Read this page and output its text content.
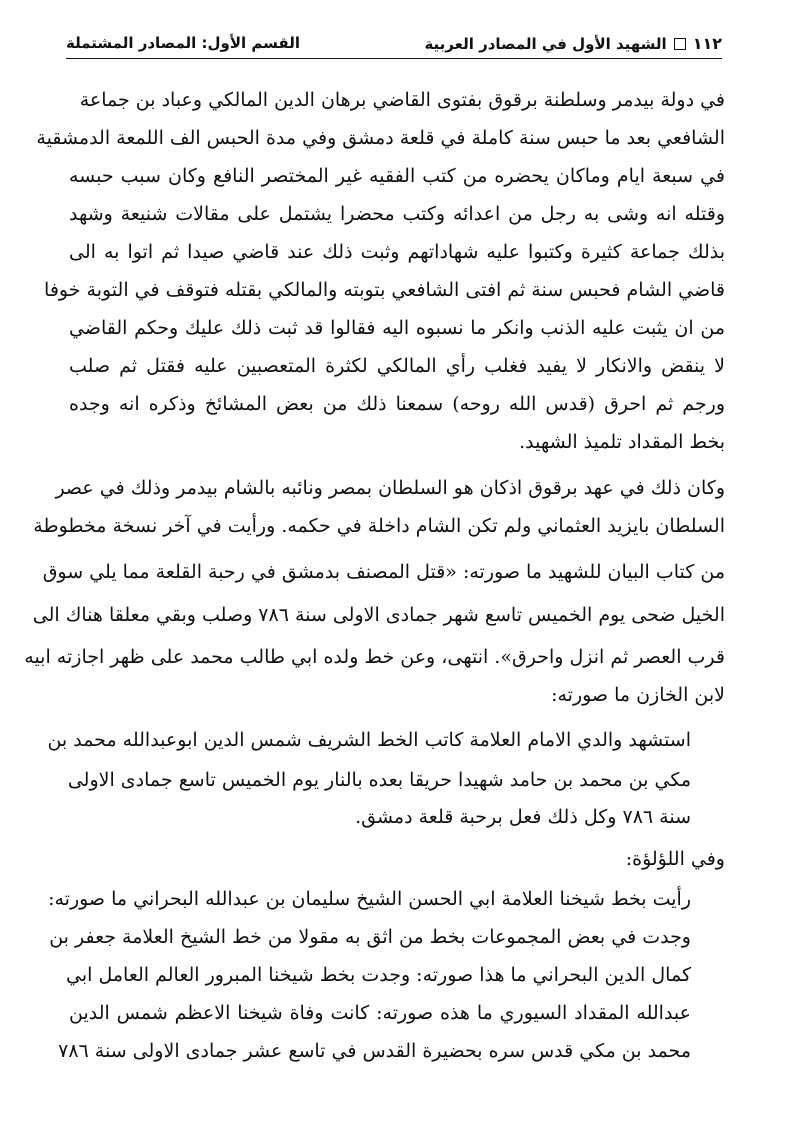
١١٢
الشهيد الأول في المصادر العربية
القسم الأول: المصادر المشتملة
في دولة بيدمر وسلطنة برقوق بفتوى القاضي برهان الدين المالكي وعباد بن جماعة
الشافعي بعد ما حبس سنة كاملة في قلعة دمشق وفي مدة الحبس الف اللمعة الدمشقية
في سبعة ايام وماكان يحضره من كتب الفقيه غير المختصر النافع وكان سبب حبسه
وقتله انه وشى به رجل من اعدائه وكتب محضرا يشتمل على مقالات شنيعة وشهد
بذلك جماعة كثيرة وكتبوا عليه شهاداتهم وثبت ذلك عند قاضي صيدا ثم اتوا به الى
قاضي الشام فحبس سنة ثم افتى الشافعي بتوبته والمالكي بقتله فتوقف في التوبة خوفا
من ان يثبت عليه الذنب وانكر ما نسبوه اليه فقالوا قد ثبت ذلك عليك وحكم القاضي
لا ينقض والانكار لا يفيد فغلب رأي المالكي لكثرة المتعصبين عليه فقتل ثم صلب
ورجم ثم احرق (قدس الله روحه) سمعنا ذلك من بعض المشائخ وذكره انه وجده
بخط المقداد تلميذ الشهيد.
وكان ذلك في عهد برقوق اذكان هو السلطان بمصر ونائبه بالشام بيدمر وذلك في عصر
السلطان بايزيد العثماني ولم تكن الشام داخلة في حكمه. ورأيت في آخر نسخة مخطوطة
من كتاب البيان للشهيد ما صورته: «قتل المصنف بدمشق في رحبة القلعة مما يلي سوق
الخيل ضحى يوم الخميس تاسع شهر جمادى الاولى سنة ٧٨٦ وصلب وبقي معلقا هناك الى
قرب العصر ثم انزل واحرق». انتهى، وعن خط ولده ابي طالب محمد على ظهر اجازته ابيه
لابن الخازن ما صورته:
استشهد والدي الامام العلامة كاتب الخط الشريف شمس الدين ابوعبدالله محمد بن
مكي بن محمد بن حامد شهيدا حريقا بعده بالنار يوم الخميس تاسع جمادى الاولى
سنة ٧٨٦ وكل ذلك فعل برحبة قلعة دمشق.
وفي اللؤلؤة:
رأيت بخط شيخنا العلامة ابي الحسن الشيخ سليمان بن عبدالله البحراني ما صورته:
وجدت في بعض المجموعات بخط من اثق به مقولا من خط الشيخ العلامة جعفر بن
كمال الدين البحراني ما هذا صورته: وجدت بخط شيخنا المبرور العالم العامل ابي
عبدالله المقداد السيوري ما هذه صورته: كانت وفاة شيخنا الاعظم شمس الدين
محمد بن مكي قدس سره بحضيرة القدس في تاسع عشر جمادى الاولى سنة ٧٨٦
